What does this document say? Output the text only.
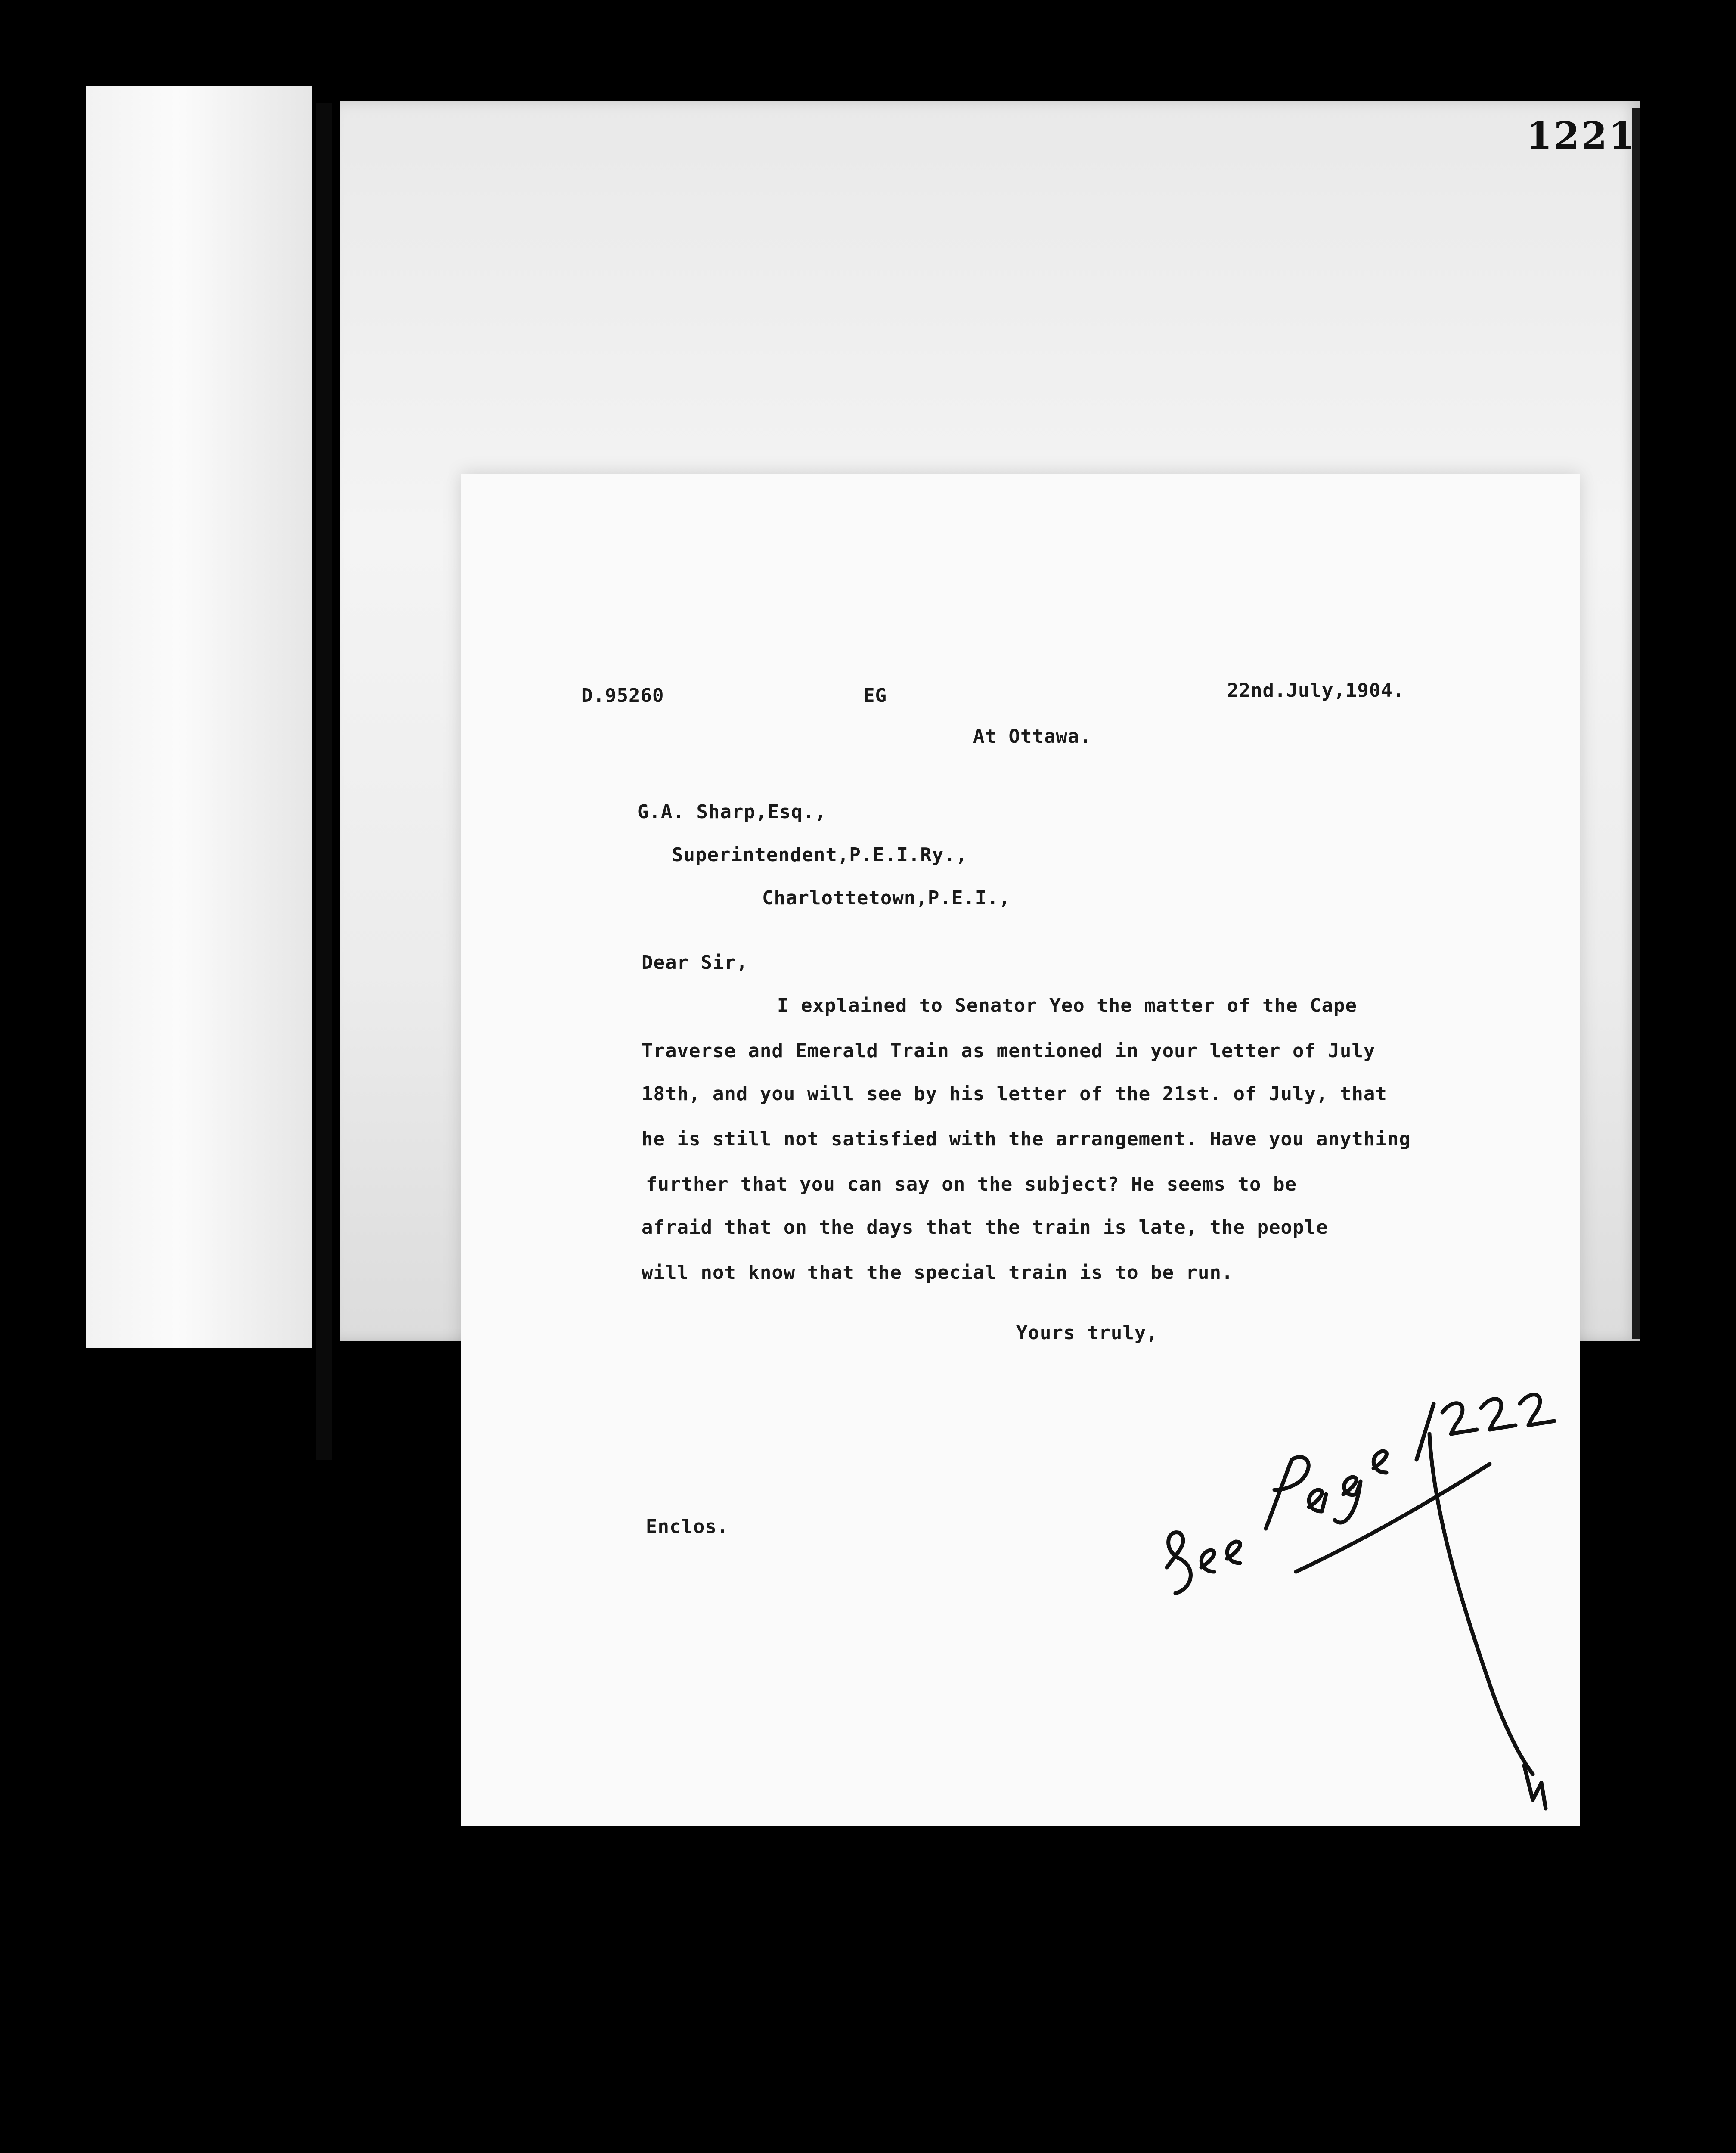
1221
D.95260	EG	22nd.July,1904.
At Ottawa.
G.A. Sharp,Esq.,
Superintendent,P.E.I.Ry.,
Charlottetown,P.E.I.,
Dear Sir,
I explained to Senator Yeo the matter of the Cape
Traverse and Emerald Train as mentioned in your letter of July
18th, and you will see by his letter of the 21st. of July, that
he is still not satisfied with the arrangement. Have you anything
further that you can say on the subject? He seems to be
afraid that on the days that the train is late, the people
will not know that the special train is to be run.
Yours truly,
Enclos.
